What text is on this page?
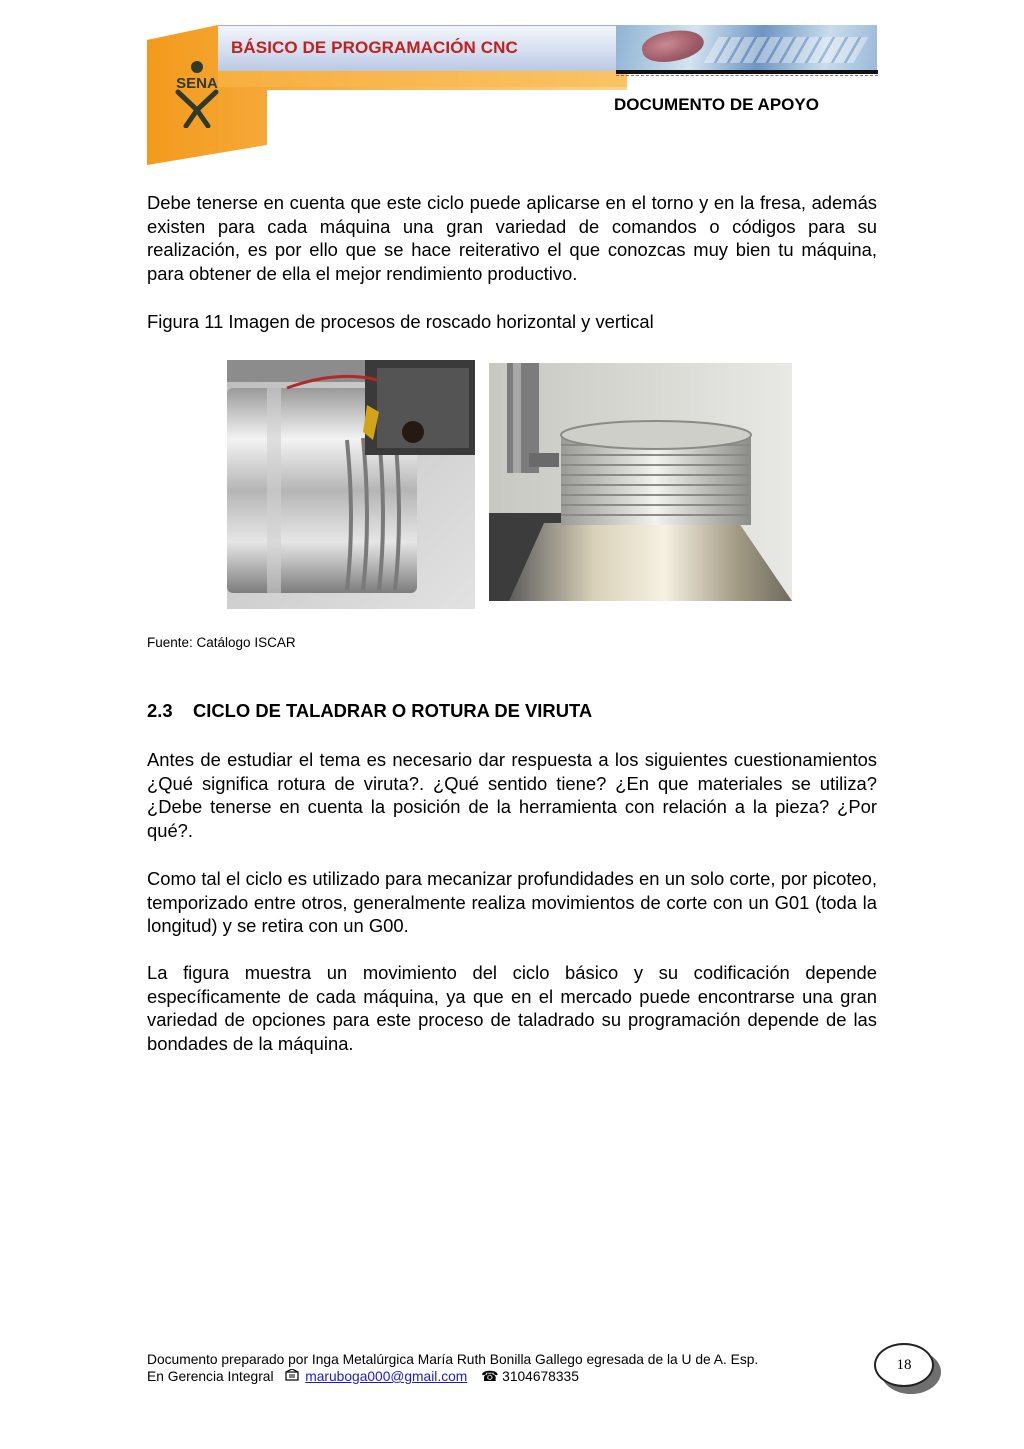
BÁSICO DE PROGRAMACIÓN CNC
SENA
DOCUMENTO DE APOYO

Debe tenerse en cuenta que este ciclo puede aplicarse en el torno y en la fresa, además existen para cada máquina una gran variedad de comandos o códigos para su realización, es por ello que se hace reiterativo el que conozcas muy bien tu máquina, para obtener de ella el mejor rendimiento productivo.

Figura 11 Imagen de procesos de roscado horizontal y vertical
Fuente: Catálogo ISCAR
2.3 CICLO DE TALADRAR O ROTURA DE VIRUTA

Antes de estudiar el tema es necesario dar respuesta a los siguientes cuestionamientos ¿Qué significa rotura de viruta?. ¿Qué sentido tiene? ¿En que materiales se utiliza? ¿Debe tenerse en cuenta la posición de la herramienta con relación a la pieza? ¿Por qué?.

Como tal el ciclo es utilizado para mecanizar profundidades en un solo corte, por picoteo, temporizado entre otros, generalmente realiza movimientos de corte con un G01 (toda la longitud) y se retira con un G00.

La figura muestra un movimiento del ciclo básico y su codificación depende específicamente de cada máquina, ya que en el mercado puede encontrarse una gran variedad de opciones para este proceso de taladrado su programación depende de las bondades de la máquina.

Documento preparado por Inga Metalúrgica María Ruth Bonilla Gallego egresada de la U de A. Esp.
En Gerencia Integral maruboga000@gmail.com ☎ 3104678335
18
